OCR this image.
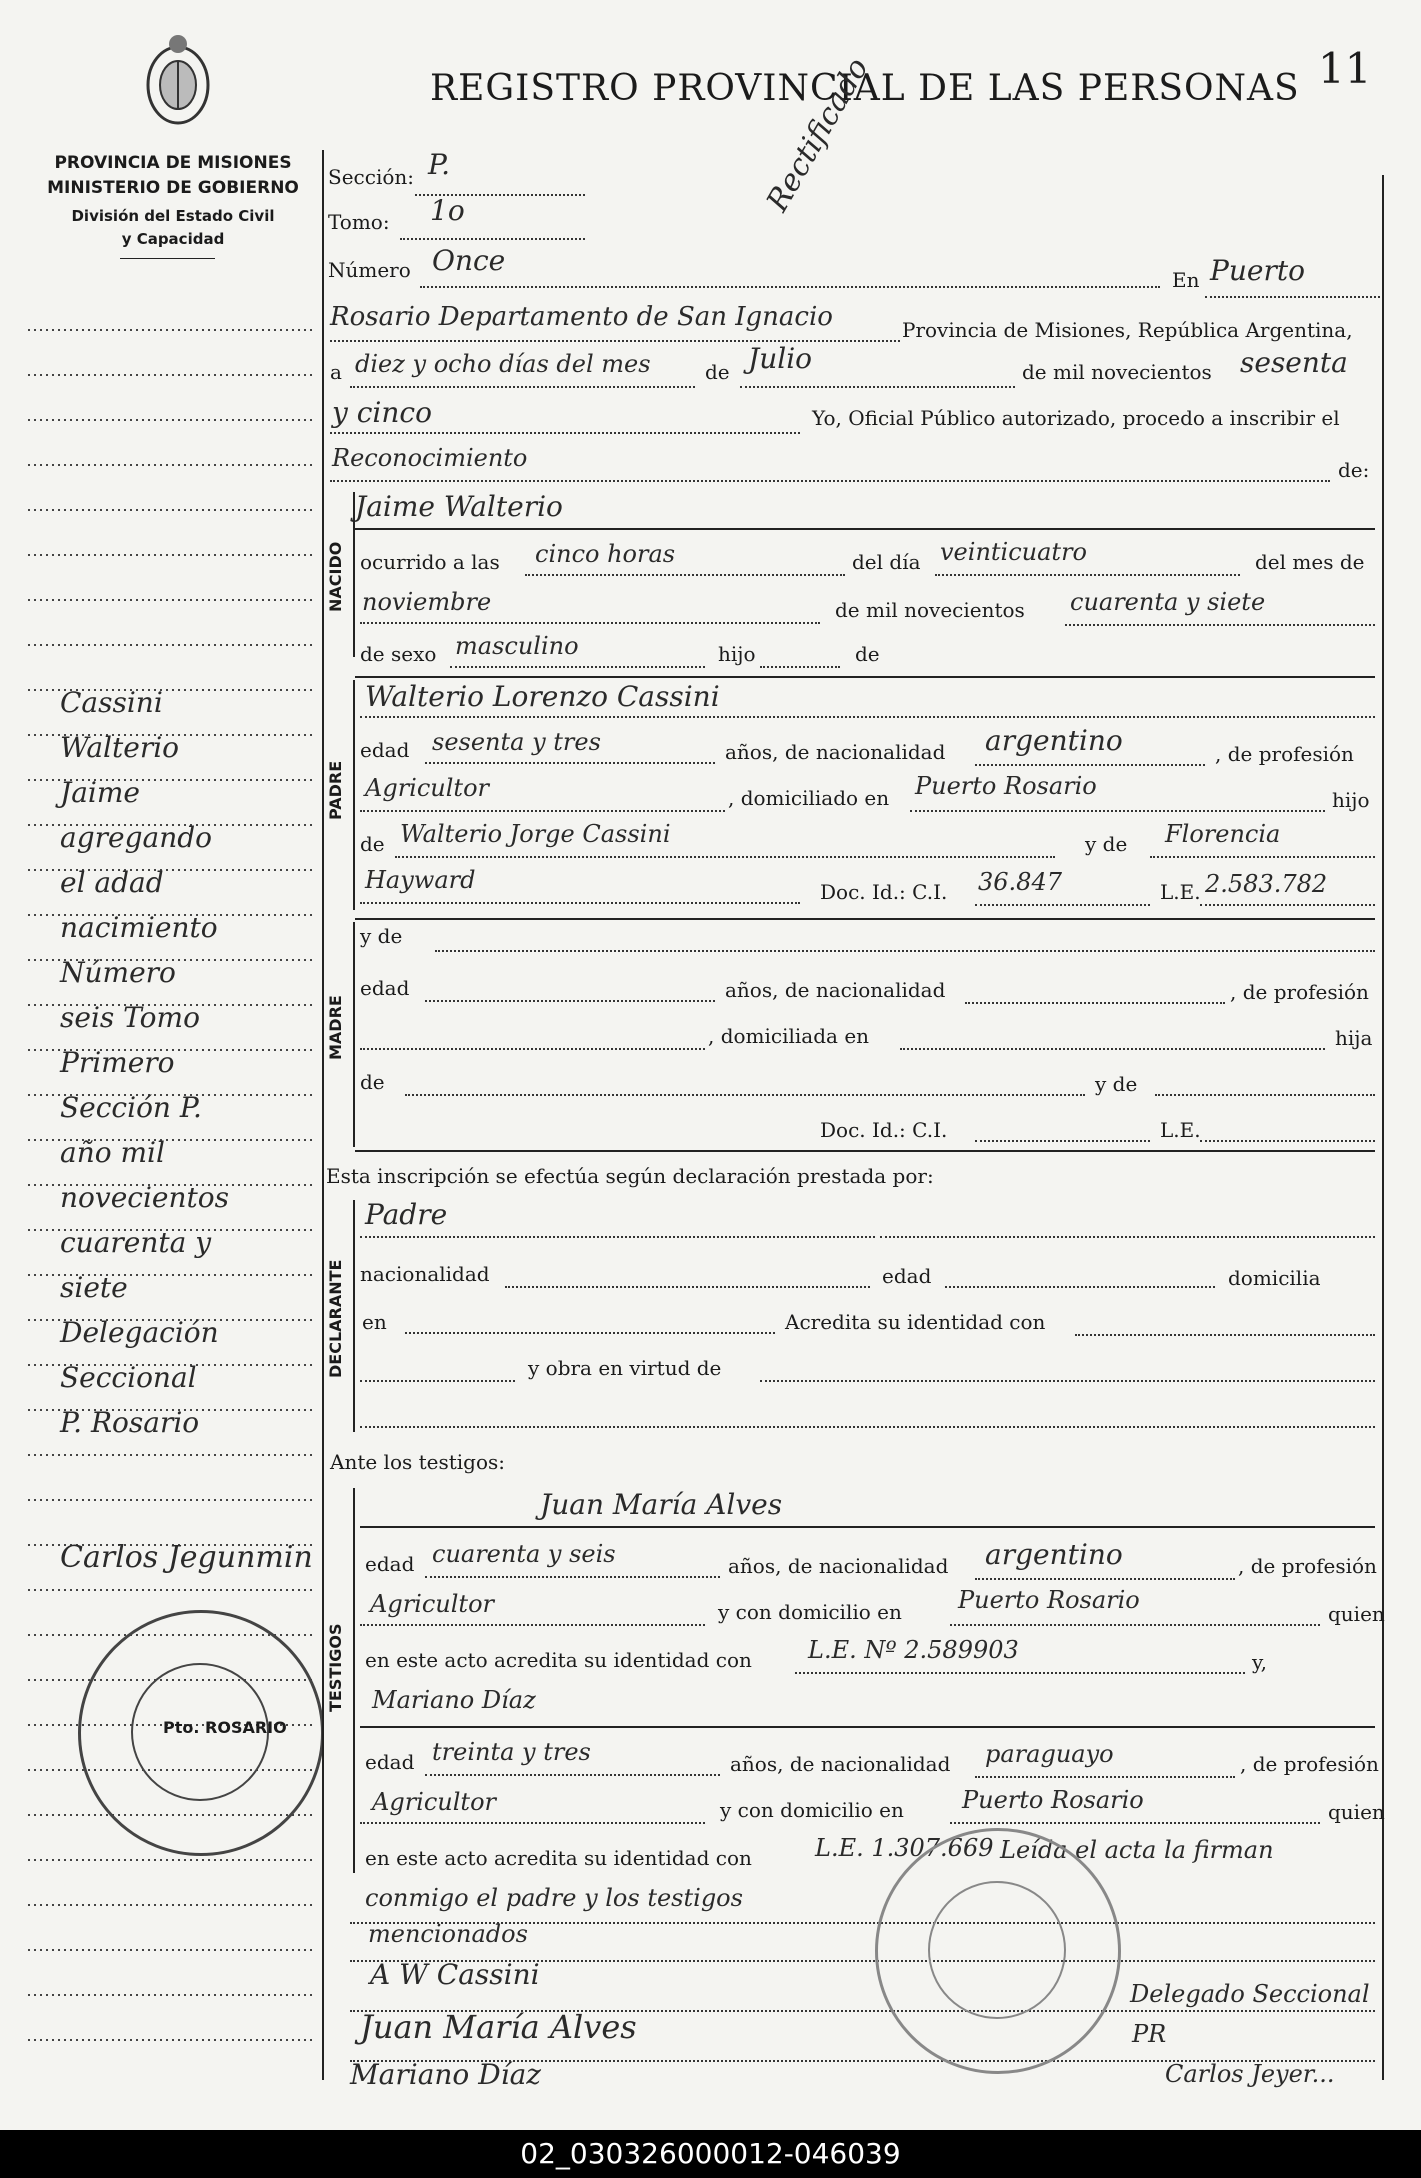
11
REGISTRO PROVINCIAL DE LAS PERSONAS
PROVINCIA DE MISIONES
MINISTERIO DE GOBIERNO
División del Estado Civil
y Capacidad
Cassini
Walterio
Jaime
agregando
el adad
nacimiento
Número
seis Tomo
Primero
Sección P.
año mil
novecientos
cuarenta y
siete
Delegación
Seccional
P. Rosario
Carlos Jegunmin
Pto. ROSARIO
Rectificado
Sección: P.
Tomo: 1o
Número Once
En Puerto
Rosario Departamento de San Ignacio	Provincia de Misiones, República Argentina,
a diez y ocho días del mes	de Julio	de mil novecientos sesenta
y cinco	Yo, Oficial Público autorizado, procedo a inscribir el
Reconocimiento	de:
Jaime Walterio
NACIDO ocurrido a las cinco horas	del día veinticuatro	del mes de
noviembre	de mil novecientos cuarenta y siete
de sexo masculino	hijo	de
PADRE
Walterio Lorenzo Cassini
edad sesenta y tres	años, de nacionalidad argentino	, de profesión
Agricultor	, domiciliado en Puerto Rosario	hijo
de Walterio Jorge Cassini	y de Florencia
Hayward	Doc. Id.: C.I. 36.847	L.E. 2.583.782
MADRE
y de
edad	años, de nacionalidad	, de profesión
, domiciliada en	hija
de	y de
Doc. Id.: C.I.	L.E.
Esta inscripción se efectúa según declaración prestada por:
DECLARANTE
Padre
nacionalidad	edad	domicilia
en	Acredita su identidad con
y obra en virtud de
Ante los testigos:
TESTIGOS
Juan María Alves
edad cuarenta y seis	años, de nacionalidad argentino	, de profesión
Agricultor	y con domicilio en Puerto Rosario	quien
en este acto acredita su identidad con L.E. Nº 2.589903	y,
Mariano Díaz
edad treinta y tres	años, de nacionalidad paraguayo	, de profesión
Agricultor	y con domicilio en Puerto Rosario	quien
en este acto acredita su identidad con	L.E. 1.307.669 Leída el acta la firman
conmigo el padre y los testigos
mencionados
A W Cassini
Juan María Alves
Mariano Díaz
Delegado Seccional
Carlos Jeyer...
PR
02_030326000012-046039
